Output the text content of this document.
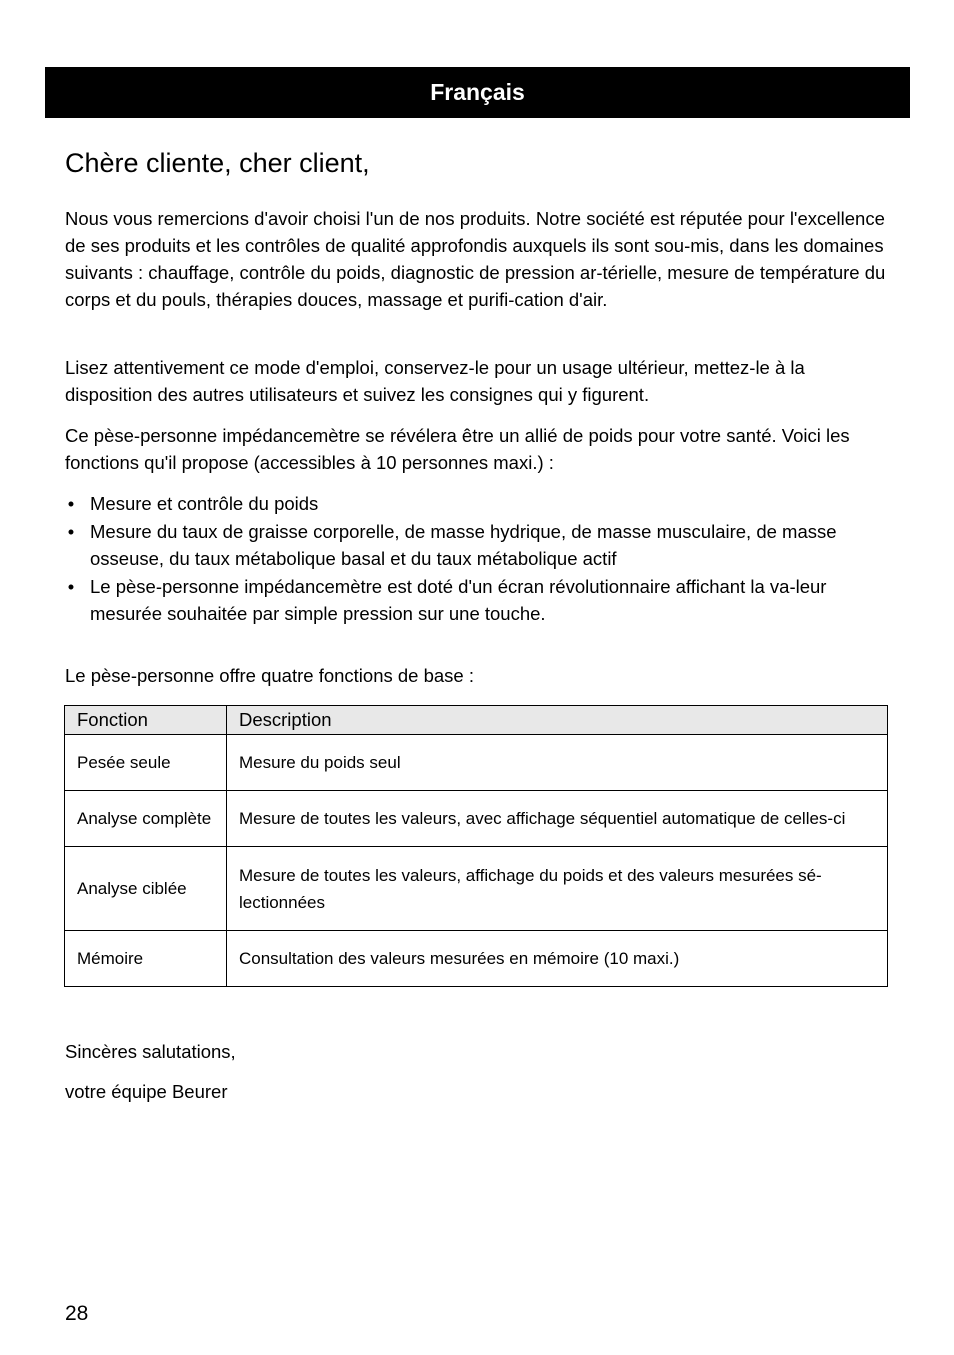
Français
Chère cliente, cher client,

Nous vous remercions d'avoir choisi l'un de nos produits. Notre société est réputée pour l'excellence de ses produits et les contrôles de qualité approfondis auxquels ils sont sou-mis, dans les domaines suivants : chauffage, contrôle du poids, diagnostic de pression ar-térielle, mesure de température du corps et du pouls, thérapies douces, massage et purifi-cation d'air.

Lisez attentivement ce mode d'emploi, conservez-le pour un usage ultérieur, mettez-le à la disposition des autres utilisateurs et suivez les consignes qui y figurent.

Ce pèse-personne impédancemètre se révélera être un allié de poids pour votre santé. Voici les fonctions qu'il propose (accessibles à 10 personnes maxi.) :

• Mesure et contrôle du poids
• Mesure du taux de graisse corporelle, de masse hydrique, de masse musculaire, de masse osseuse, du taux métabolique basal et du taux métabolique actif
• Le pèse-personne impédancemètre est doté d'un écran révolutionnaire affichant la va-leur mesurée souhaitée par simple pression sur une touche.

Le pèse-personne offre quatre fonctions de base :

Fonction	Description
Pesée seule	Mesure du poids seul
Analyse complète	Mesure de toutes les valeurs, avec affichage séquentiel automatique de celles-ci
Analyse ciblée	Mesure de toutes les valeurs, affichage du poids et des valeurs mesurées sé-lectionnées
Mémoire	Consultation des valeurs mesurées en mémoire (10 maxi.)

Sincères salutations,

votre équipe Beurer

28
